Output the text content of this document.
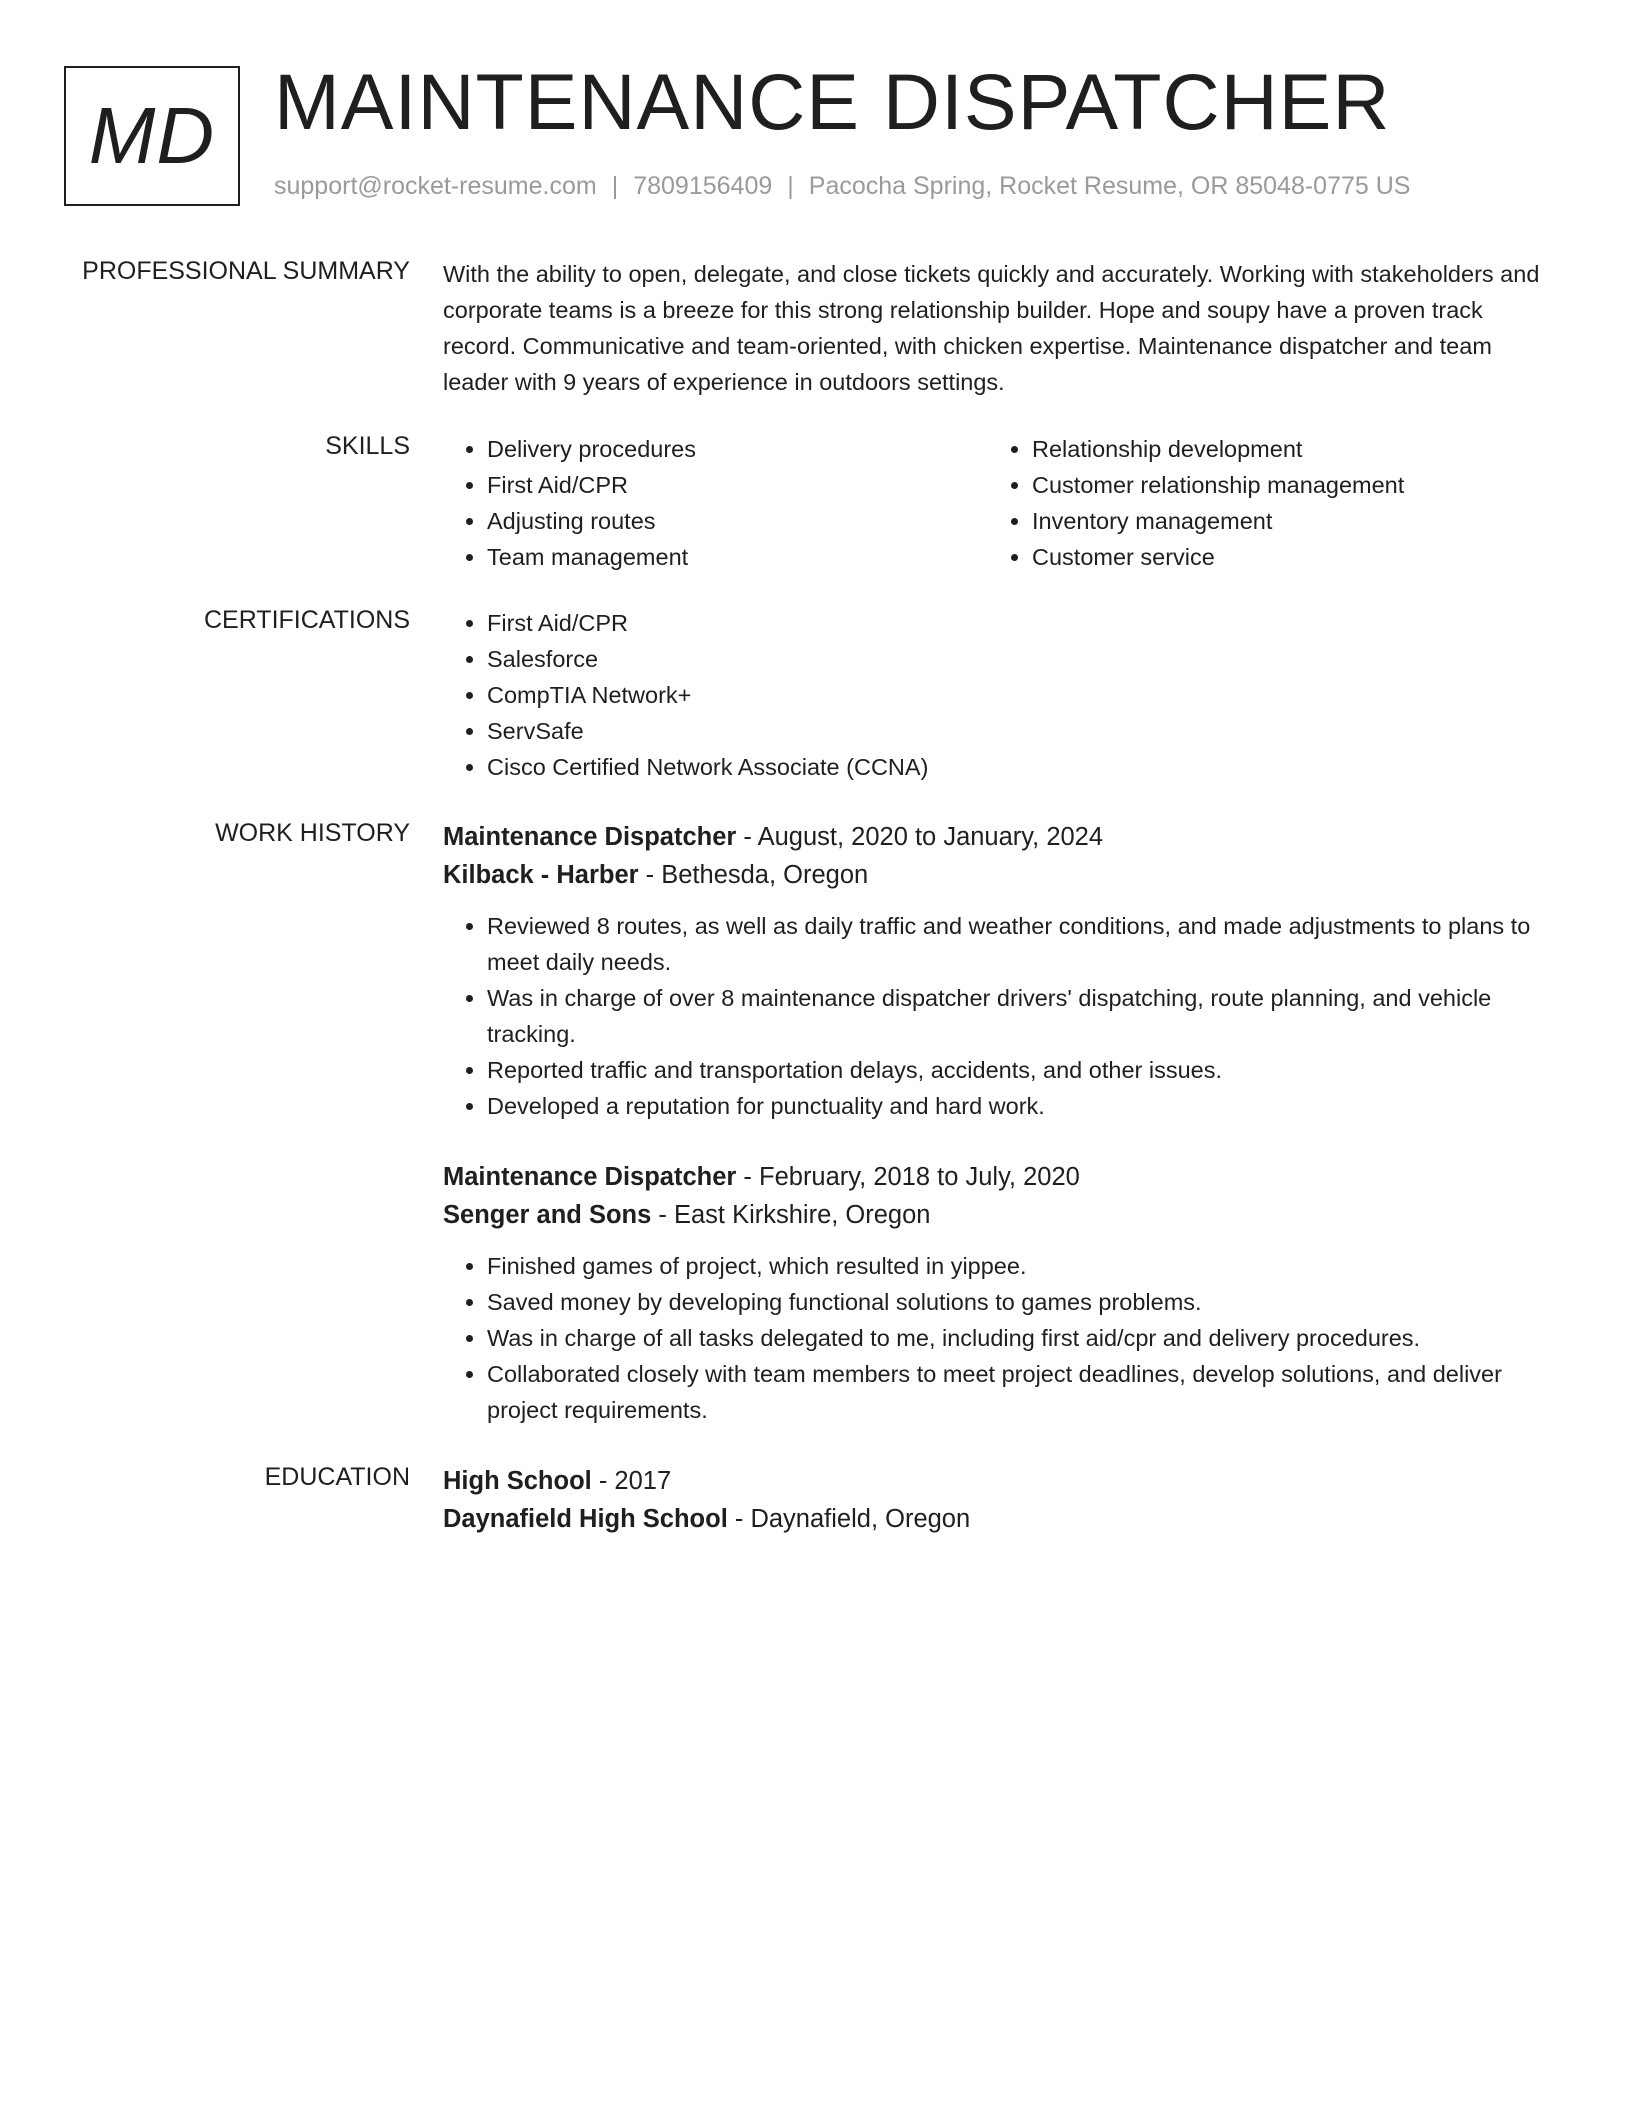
MD MAINTENANCE DISPATCHER
support@rocket-resume.com | 7809156409 | Pacocha Spring, Rocket Resume, OR 85048-0775 US
PROFESSIONAL SUMMARY With the ability to open, delegate, and close tickets quickly and accurately. Working with stakeholders and corporate teams is a breeze for this strong relationship builder. Hope and soupy have a proven track record. Communicative and team-oriented, with chicken expertise. Maintenance dispatcher and team leader with 9 years of experience in outdoors settings.

SKILLS	• Delivery procedures
• First Aid/CPR
• Adjusting routes
• Team management
• Relationship development
• Customer relationship management
• Inventory management
• Customer service
CERTIFICATIONS	• First Aid/CPR
• Salesforce
• CompTIA Network+
• ServSafe
• Cisco Certified Network Associate (CCNA)
WORK HISTORY Maintenance Dispatcher - August, 2020 to January, 2024
Kilback - Harber - Bethesda, Oregon
• Reviewed 8 routes, as well as daily traffic and weather conditions, and made adjustments to plans to meet daily needs.
• Was in charge of over 8 maintenance dispatcher drivers' dispatching, route planning, and vehicle tracking.
• Reported traffic and transportation delays, accidents, and other issues.
• Developed a reputation for punctuality and hard work.
Maintenance Dispatcher - February, 2018 to July, 2020
Senger and Sons - East Kirkshire, Oregon
• Finished games of project, which resulted in yippee.
• Saved money by developing functional solutions to games problems.
• Was in charge of all tasks delegated to me, including first aid/cpr and delivery procedures.
• Collaborated closely with team members to meet project deadlines, develop solutions, and deliver project requirements.
EDUCATION High School - 2017
Daynafield High School - Daynafield, Oregon
